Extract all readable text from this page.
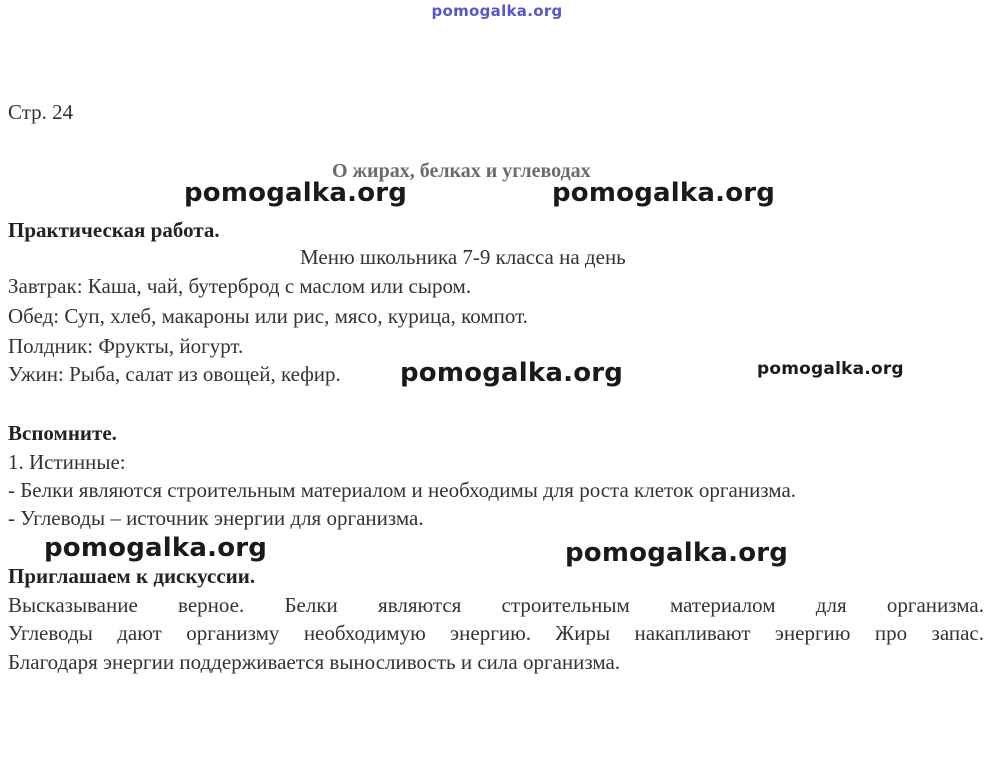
pomogalka.org
Стр. 24
О жирах, белках и углеводах
pomogalka.org	pomogalka.org
Практическая работа.
Меню школьника 7-9 класса на день
Завтрак: Каша, чай, бутерброд с маслом или сыром.
Обед: Суп, хлеб, макароны или рис, мясо, курица, компот.
Полдник: Фрукты, йогурт.
Ужин: Рыба, салат из овощей, кефир. pomogalka.org	pomogalka.org
Вспомните.
1. Истинные:
- Белки являются строительным материалом и необходимы для роста клеток организма.
- Углеводы – источник энергии для организма.
pomogalka.org	pomogalka.org
Приглашаем к дискуссии.
Высказывание верное. Белки являются строительным материалом для организма.
Углеводы дают организму необходимую энергию. Жиры накапливают энергию про запас.
Благодаря энергии поддерживается выносливость и сила организма.
